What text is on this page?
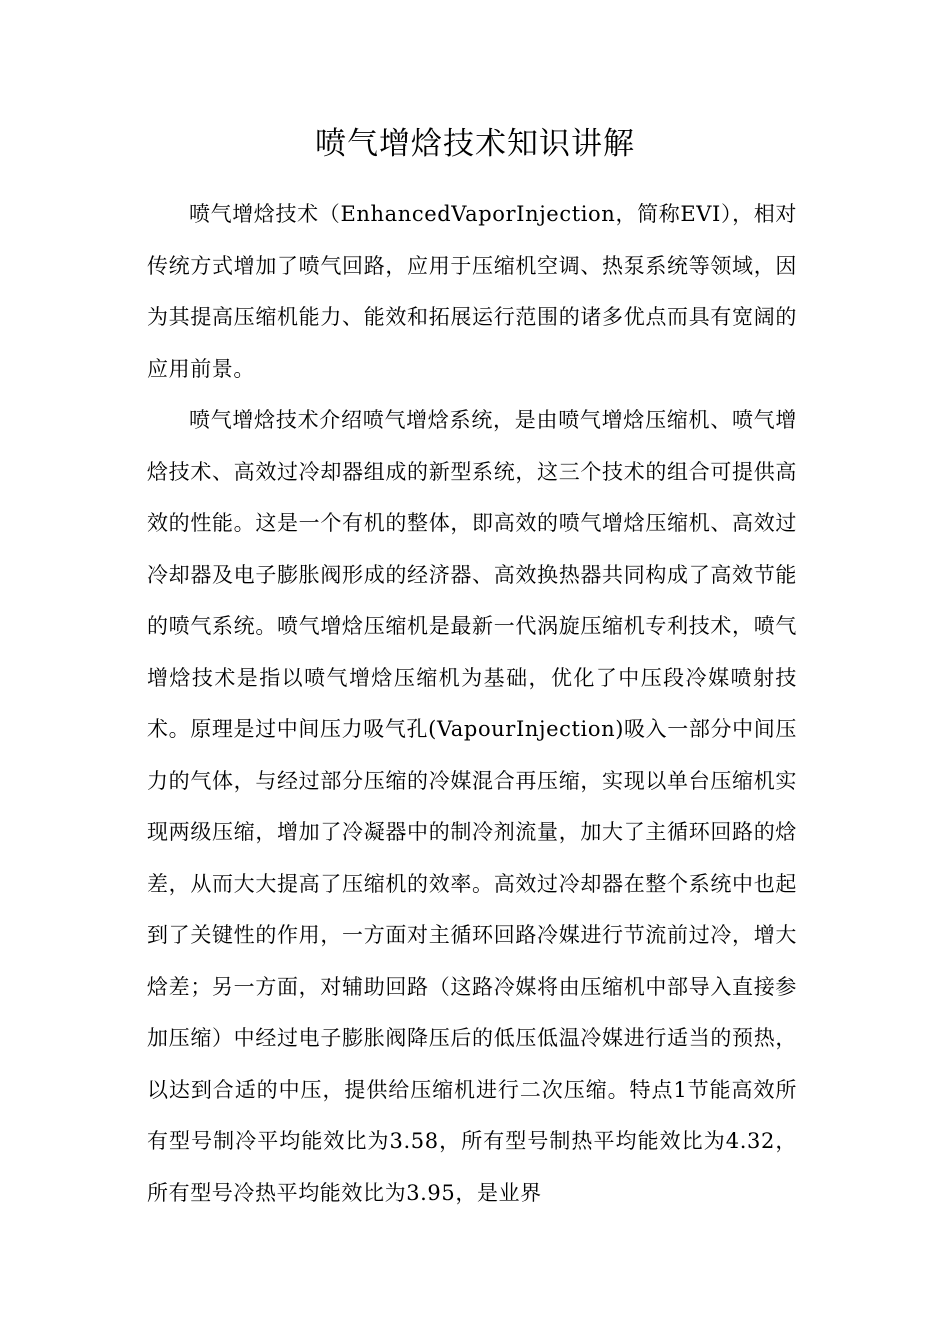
喷气增焓技术知识讲解

喷气增焓技术（EnhancedVaporInjection，简称EVI），相对传统方式增加了喷气回路，应用于压缩机空调、热泵系统等领域，因为其提高压缩机能力、能效和拓展运行范围的诸多优点而具有宽阔的应用前景。

喷气增焓技术介绍喷气增焓系统，是由喷气增焓压缩机、喷气增焓技术、高效过冷却器组成的新型系统，这三个技术的组合可提供高效的性能。这是一个有机的整体，即高效的喷气增焓压缩机、高效过冷却器及电子膨胀阀形成的经济器、高效换热器共同构成了高效节能的喷气系统。喷气增焓压缩机是最新一代涡旋压缩机专利技术，喷气增焓技术是指以喷气增焓压缩机为基础，优化了中压段冷媒喷射技术。原理是过中间压力吸气孔(VapourInjection)吸入一部分中间压力的气体，与经过部分压缩的冷媒混合再压缩，实现以单台压缩机实现两级压缩，增加了冷凝器中的制冷剂流量，加大了主循环回路的焓差，从而大大提高了压缩机的效率。高效过冷却器在整个系统中也起到了关键性的作用，一方面对主循环回路冷媒进行节流前过冷，增大焓差；另一方面，对辅助回路（这路冷媒将由压缩机中部导入直接参加压缩）中经过电子膨胀阀降压后的低压低温冷媒进行适当的预热，以达到合适的中压，提供给压缩机进行二次压缩。特点1节能高效所有型号制冷平均能效比为3.58，所有型号制热平均能效比为4.32，所有型号冷热平均能效比为3.95，是业界
